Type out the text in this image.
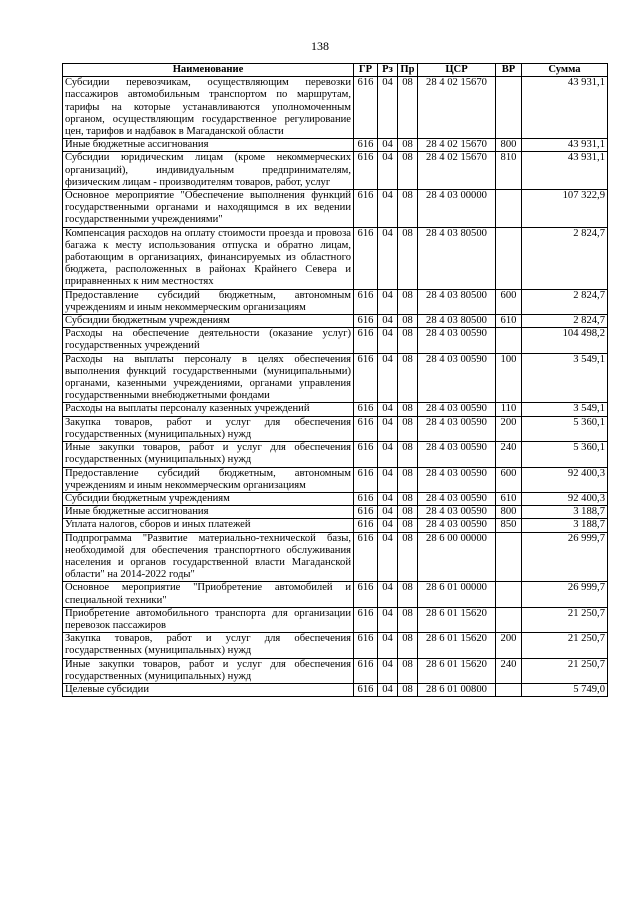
138
Наименование	ГР	Рз	Пр	ЦСР	ВР	Сумма
Субсидии перевозчикам, осуществляющим перевозки пассажиров автомобильным транспортом по маршрутам, тарифы на которые устанавливаются уполномоченным органом, осуществляющим государственное регулирование цен, тарифов и надбавок в Магаданской области	616	04	08	28 4 02 15670		43 931,1
Иные бюджетные ассигнования	616	04	08	28 4 02 15670	800	43 931,1
Субсидии юридическим лицам (кроме некоммерческих организаций), индивидуальным предпринимателям, физическим лицам - производителям товаров, работ, услуг	616	04	08	28 4 02 15670	810	43 931,1
Основное мероприятие "Обеспечение выполнения функций государственными органами и находящимся в их ведении государственными учреждениями"	616	04	08	28 4 03 00000		107 322,9
Компенсация расходов на оплату стоимости проезда и провоза багажа к месту использования отпуска и обратно лицам, работающим в организациях, финансируемых из областного бюджета, расположенных в районах Крайнего Севера и приравненных к ним местностях	616	04	08	28 4 03 80500		2 824,7
Предоставление субсидий бюджетным, автономным учреждениям и иным некоммерческим организациям	616	04	08	28 4 03 80500	600	2 824,7
Субсидии бюджетным учреждениям	616	04	08	28 4 03 80500	610	2 824,7
Расходы на обеспечение деятельности (оказание услуг) государственных учреждений	616	04	08	28 4 03 00590		104 498,2
Расходы на выплаты персоналу в целях обеспечения выполнения функций государственными (муниципальными) органами, казенными учреждениями, органами управления государственными внебюджетными фондами	616	04	08	28 4 03 00590	100	3 549,1
Расходы на выплаты персоналу казенных учреждений	616	04	08	28 4 03 00590	110	3 549,1
Закупка товаров, работ и услуг для обеспечения государственных (муниципальных) нужд	616	04	08	28 4 03 00590	200	5 360,1
Иные закупки товаров, работ и услуг для обеспечения государственных (муниципальных) нужд	616	04	08	28 4 03 00590	240	5 360,1
Предоставление субсидий бюджетным, автономным учреждениям и иным некоммерческим организациям	616	04	08	28 4 03 00590	600	92 400,3
Субсидии бюджетным учреждениям	616	04	08	28 4 03 00590	610	92 400,3
Иные бюджетные ассигнования	616	04	08	28 4 03 00590	800	3 188,7
Уплата налогов, сборов и иных платежей	616	04	08	28 4 03 00590	850	3 188,7
Подпрограмма "Развитие материально-технической базы, необходимой для обеспечения транспортного обслуживания населения и органов государственной власти Магаданской области" на 2014-2022 годы"	616	04	08	28 6 00 00000		26 999,7
Основное мероприятие "Приобретение автомобилей и специальной техники"	616	04	08	28 6 01 00000		26 999,7
Приобретение автомобильного транспорта для организации перевозок пассажиров	616	04	08	28 6 01 15620		21 250,7
Закупка товаров, работ и услуг для обеспечения государственных (муниципальных) нужд	616	04	08	28 6 01 15620	200	21 250,7
Иные закупки товаров, работ и услуг для обеспечения государственных (муниципальных) нужд	616	04	08	28 6 01 15620	240	21 250,7
Целевые субсидии	616	04	08	28 6 01 00800		5 749,0
